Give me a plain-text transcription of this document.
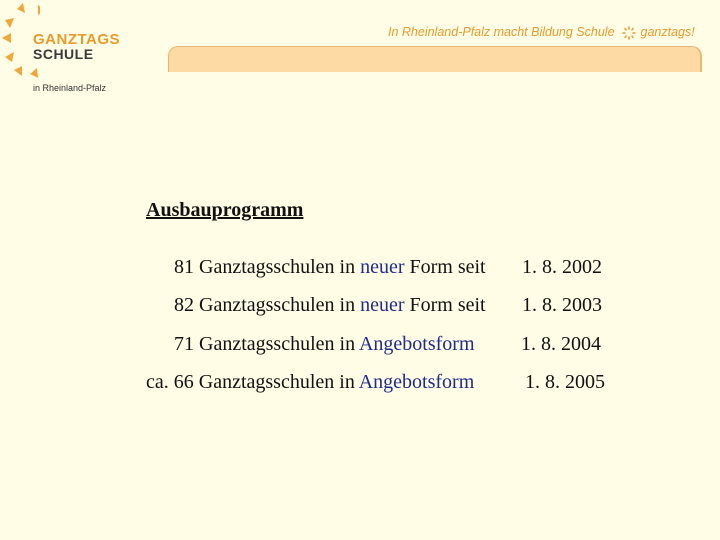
GANZTAGS
SCHULE
in Rheinland-Pfalz
In Rheinland-Pfalz macht Bildung Schule ganztags!
Ausbauprogramm
81 Ganztagsschulen in neuer Form seit 1. 8. 2002
82 Ganztagsschulen in neuer Form seit 1. 8. 2003
71 Ganztagsschulen in Angebotsform 1. 8. 2004
ca. 66 Ganztagsschulen in Angebotsform	1. 8. 2005
